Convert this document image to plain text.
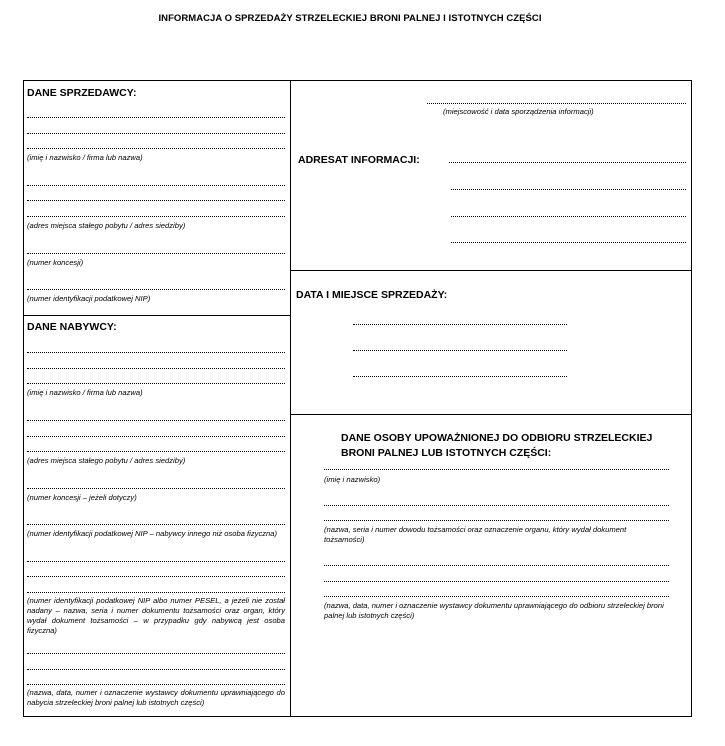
INFORMACJA O SPRZEDAŻY STRZELECKIEJ BRONI PALNEJ I ISTOTNYCH CZĘŚCI
DANE SPRZEDAWCY:
(imię i nazwisko / firma lub nazwa)
(adres miejsca stałego pobytu / adres siedziby)
(numer koncesji)
(numer identyfikacji podatkowej NIP)
DANE NABYWCY:
(imię i nazwisko / firma lub nazwa)
(adres miejsca stałego pobytu / adres siedziby)
(numer koncesji – jeżeli dotyczy)
(numer identyfikacji podatkowej NIP – nabywcy innego niż osoba fizyczna)
(numer identyfikacji podatkowej NIP albo numer PESEL, a jeżeli nie został nadany – nazwa, seria i numer dokumentu tożsamości oraz organ, który wydał dokument tożsamości – w przypadku gdy nabywcą jest osoba fizyczna)
(nazwa, data, numer i oznaczenie wystawcy dokumentu uprawniającego do nabycia strzeleckiej broni palnej lub istotnych części)
(miejscowość i data sporządzenia informacji)
ADRESAT INFORMACJI:
DATA I MIEJSCE SPRZEDAŻY:
DANE OSOBY UPOWAŻNIONEJ DO ODBIORU STRZELECKIEJ
BRONI PALNEJ LUB ISTOTNYCH CZĘŚCI:
(imię i nazwisko)
(nazwa, seria i numer dowodu tożsamości oraz oznaczenie organu, który wydał dokument tożsamości)
(nazwa, data, numer i oznaczenie wystawcy dokumentu uprawniającego do odbioru strzeleckiej broni palnej lub istotnych części)
